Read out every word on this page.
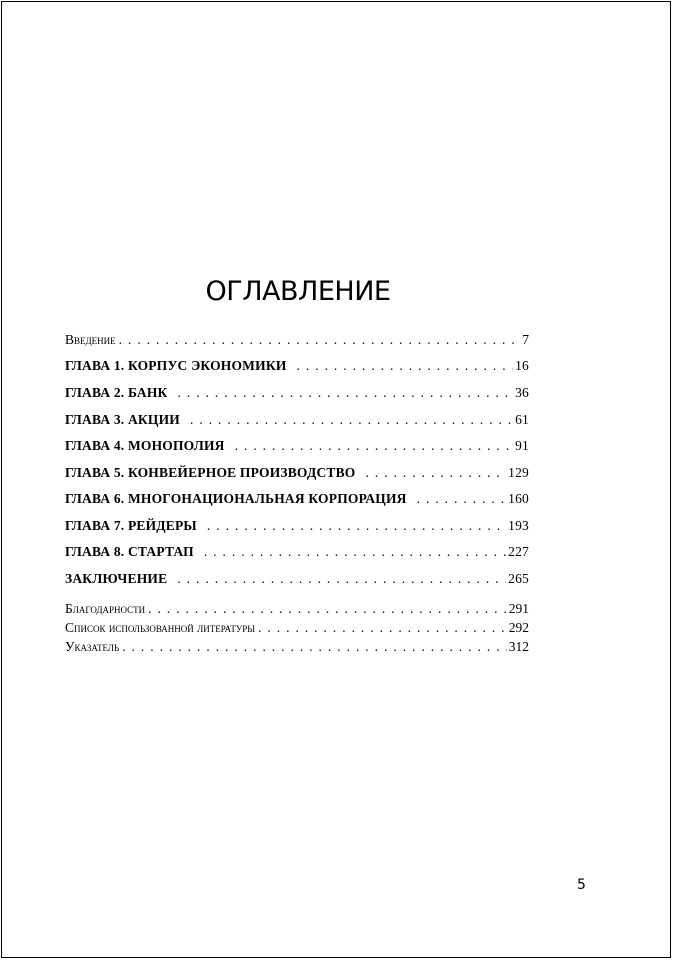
ОГЛАВЛЕНИЕ
Введение . . .	7
ГЛАВА 1. КОРПУС ЭКОНОМИКИ . . .	16
ГЛАВА 2. БАНК . . .	36
ГЛАВА 3. АКЦИИ . . .	61
ГЛАВА 4. МОНОПОЛИЯ . . .	91
ГЛАВА 5. КОНВЕЙЕРНОЕ ПРОИЗВОДСТВО . . .	129
ГЛАВА 6. МНОГОНАЦИОНАЛЬНАЯ КОРПОРАЦИЯ . . .	160
ГЛАВА 7. РЕЙДЕРЫ . . .	193
ГЛАВА 8. СТАРТАП . . .	227
ЗАКЛЮЧЕНИЕ . . .	265
Благодарности . . .	291
Список использованной литературы . . .	292
Указатель . . .	312
5
